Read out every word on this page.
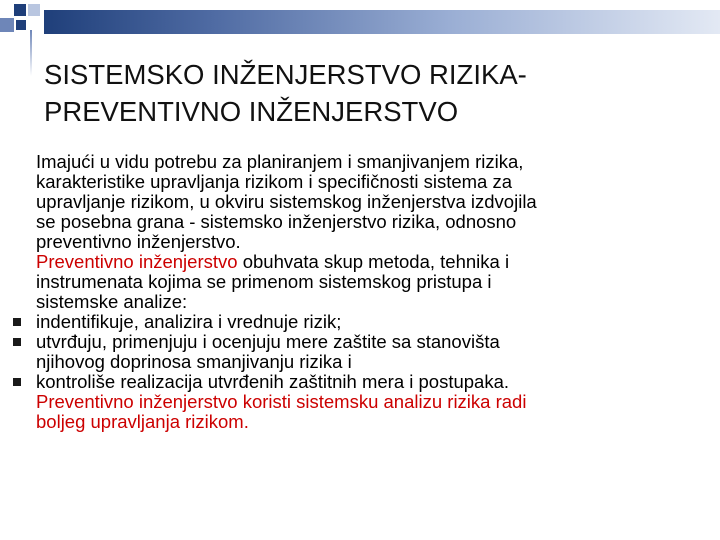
SISTEMSKO INŽENJERSTVO RIZIKA-
PREVENTIVNO INŽENJERSTVO
Imajući u vidu potrebu za planiranjem i smanjivanjem rizika,
karakteristike upravljanja rizikom i specifičnosti sistema za
upravljanje rizikom, u okviru sistemskog inženjerstva izdvojila
se posebna grana - sistemsko inženjerstvo rizika, odnosno
preventivno inženjerstvo.
Preventivno inženjerstvo obuhvata skup metoda, tehnika i
instrumenata kojima se primenom sistemskog pristupa i
sistemske analize:
indentifikuje, analizira i vrednuje rizik;
utvrđuju, primenjuju i ocenjuju mere zaštite sa stanovišta
njihovog doprinosa smanjivanju rizika i
kontroliše realizacija utvrđenih zaštitnih mera i postupaka.
Preventivno inženjerstvo koristi sistemsku analizu rizika radi
boljeg upravljanja rizikom.
